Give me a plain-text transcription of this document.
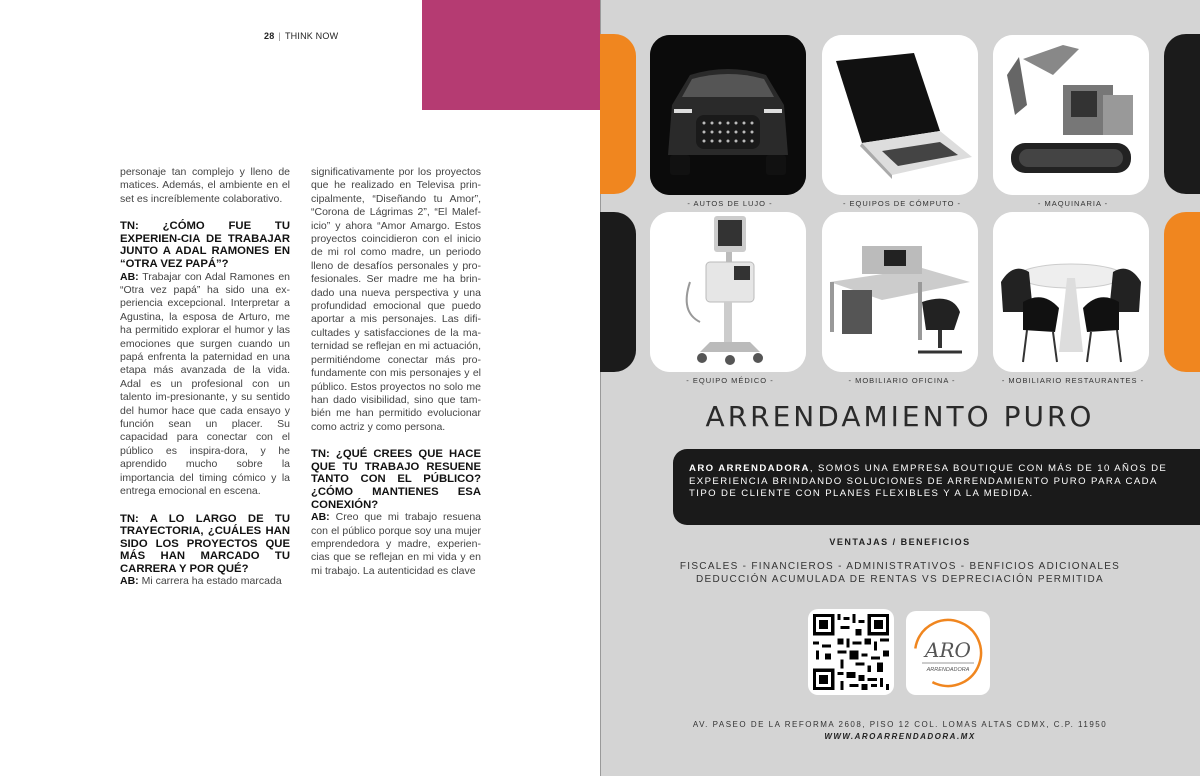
28 | THINK NOW

personaje tan complejo y lleno de matices. Además, el ambiente en el set es increíblemente colaborativo.

TN: ¿CÓMO FUE TU EXPERIEN-CIA DE TRABAJAR JUNTO A ADAL RAMONES EN “OTRA VEZ PAPÁ”?

AB: Trabajar con Adal Ramones en “Otra vez papá” ha sido una ex-periencia excepcional. Interpretar a Agustina, la esposa de Arturo, me ha permitido explorar el humor y las emociones que surgen cuando un papá enfrenta la paternidad en una etapa más avanzada de la vida. Adal es un profesional con un talento im-presionante, y su sentido del humor hace que cada ensayo y función sean un placer. Su capacidad para conectar con el público es inspira-dora, y he aprendido mucho sobre la importancia del timing cómico y la entrega emocional en escena.

TN: A LO LARGO DE TU TRAYECTORIA, ¿CUÁLES HAN SIDO LOS PROYECTOS QUE MÁS HAN MARCADO TU CARRERA Y POR QUÉ?

AB: Mi carrera ha estado marcada

significativamente por los proyectos que he realizado en Televisa prin-cipalmente, “Diseñando tu Amor”, “Corona de Lágrimas 2”, “El Malef-icio” y ahora “Amor Amargo. Estos proyectos coincidieron con el inicio de mi rol como madre, un periodo lleno de desafíos personales y pro-fesionales. Ser madre me ha brin-dado una nueva perspectiva y una profundidad emocional que puedo aportar a mis personajes. Las difi-cultades y satisfacciones de la ma-ternidad se reflejan en mi actuación, permitiéndome conectar más pro-fundamente con mis personajes y el público. Estos proyectos no solo me han dado visibilidad, sino que tam-bién me han permitido evolucionar como actriz y como persona.

TN: ¿QUÉ CREES QUE HACE QUE TU TRABAJO RESUENE TANTO CON EL PÚBLICO? ¿CÓMO MANTIENES ESA CONEXIÓN?

AB: Creo que mi trabajo resuena con el público porque soy una mujer emprendedora y madre, experien-cias que se reflejan en mi vida y en mi trabajo. La autenticidad es clave

- AUTOS DE LUJO -	- EQUIPOS DE CÓMPUTO -	- MAQUINARIA -
- EQUIPO MÉDICO -	- MOBILIARIO OFICINA -	- MOBILIARIO RESTAURANTES -
ARRENDAMIENTO PURO
ARO ARRENDADORA, SOMOS UNA EMPRESA BOUTIQUE CON MÁS DE 10 AÑOS DE EXPERIENCIA BRINDANDO SOLUCIONES DE ARRENDAMIENTO PURO PARA CADA TIPO DE CLIENTE CON PLANES FLEXIBLES Y A LA MEDIDA.
VENTAJAS / BENEFICIOS
FISCALES - FINANCIEROS - ADMINISTRATIVOS - BENFICIOS ADICIONALES
DEDUCCIÓN ACUMULADA DE RENTAS VS DEPRECIACIÓN PERMITIDA
ARO
ARRENDADORA
AV. PASEO DE LA REFORMA 2608, PISO 12 COL. LOMAS ALTAS CDMX, C.P. 11950
WWW.AROARRENDADORA.MX
